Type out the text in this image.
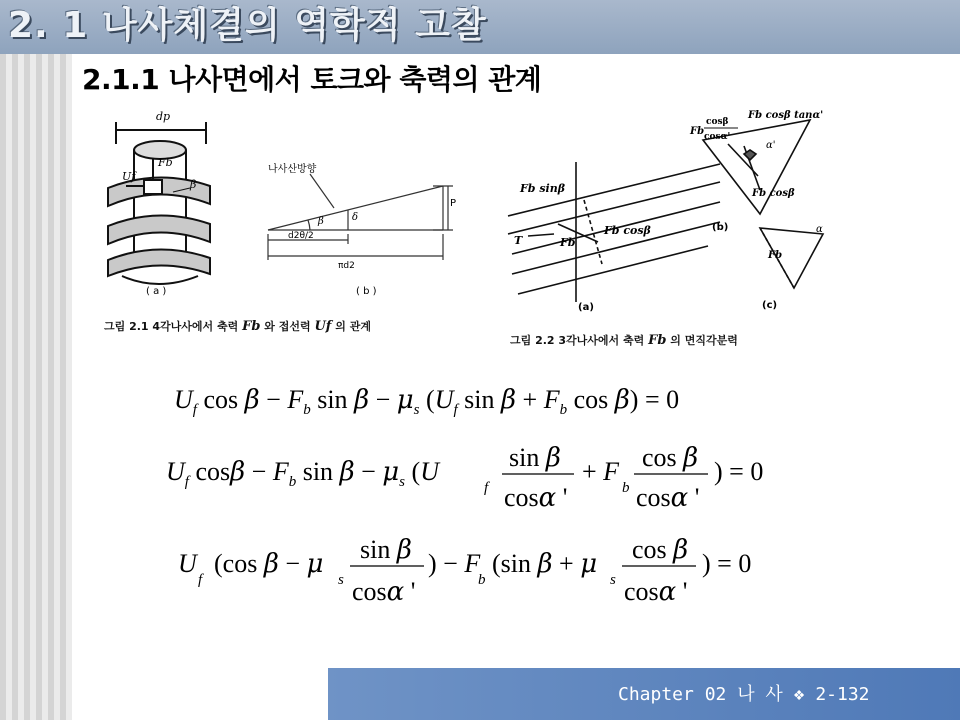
2. 1 나사체결의 역학적 고찰
2.1.1 나사면에서 토크와 축력의 관계
dp
Fb
Uf
β
( a )
나사산방향
β	δ
P
d2θ/2
πd2
( b )
그림 2.1 4각나사에서 축력 Fb 와 접선력 Uf 의 관계
Fb sinβ
Fb
Fb cosβ
T
(a)
Fb
cosβ
cosα'
Fb cosβ tanα'
α'
Fb cosβ
(b)
Fb
α
(c)
그림 2.2 3각나사에서 축력 Fb 의 면직각분력
$U_f$ $\cos \beta - F_b$ $\sin \beta - \mu_s$ ($U_f$ $\sin \beta + F_b$ cos β) = 0
$U_f$ $\cos\beta - F_b$ $\sin \beta - \mu_s$ (U
f
sin β
cosα '
+ F
b
cos β
cosα '
) = 0
U
f
(cos β − μ
s
sin β
cosα '
) − F
b
(sin β + μ
s
cos β
cosα '
) = 0
Chapter 02 나 사 ❖ 2-132
